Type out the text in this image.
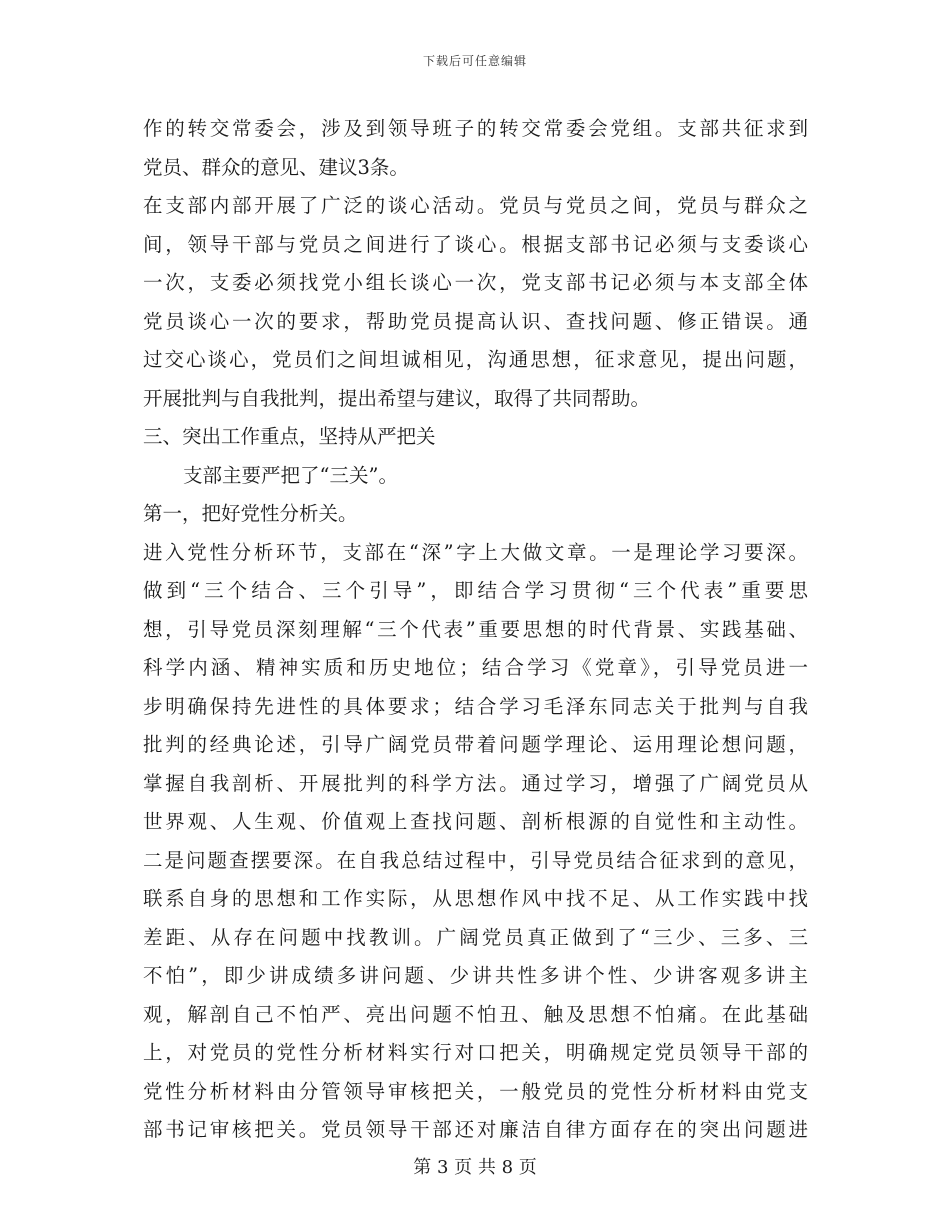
下载后可任意编辑
作的转交常委会，涉及到领导班子的转交常委会党组。支部共征求到
党员、群众的意见、建议3条。
在支部内部开展了广泛的谈心活动。党员与党员之间，党员与群众之
间，领导干部与党员之间进行了谈心。根据支部书记必须与支委谈心
一次，支委必须找党小组长谈心一次，党支部书记必须与本支部全体
党员谈心一次的要求，帮助党员提高认识、查找问题、修正错误。通
过交心谈心，党员们之间坦诚相见，沟通思想，征求意见，提出问题，
开展批判与自我批判，提出希望与建议，取得了共同帮助。
三、突出工作重点，坚持从严把关
支部主要严把了“三关”。
第一，把好党性分析关。
进入党性分析环节，支部在“深”字上大做文章。一是理论学习要深。
做到“三个结合、三个引导”，即结合学习贯彻“三个代表”重要思
想，引导党员深刻理解“三个代表”重要思想的时代背景、实践基础、
科学内涵、精神实质和历史地位；结合学习《党章》，引导党员进一
步明确保持先进性的具体要求；结合学习毛泽东同志关于批判与自我
批判的经典论述，引导广阔党员带着问题学理论、运用理论想问题，
掌握自我剖析、开展批判的科学方法。通过学习，增强了广阔党员从
世界观、人生观、价值观上查找问题、剖析根源的自觉性和主动性。
二是问题查摆要深。在自我总结过程中，引导党员结合征求到的意见，
联系自身的思想和工作实际，从思想作风中找不足、从工作实践中找
差距、从存在问题中找教训。广阔党员真正做到了“三少、三多、三
不怕”，即少讲成绩多讲问题、少讲共性多讲个性、少讲客观多讲主
观，解剖自己不怕严、亮出问题不怕丑、触及思想不怕痛。在此基础
上，对党员的党性分析材料实行对口把关，明确规定党员领导干部的
党性分析材料由分管领导审核把关，一般党员的党性分析材料由党支
部书记审核把关。党员领导干部还对廉洁自律方面存在的突出问题进
第 3 页 共 8 页
